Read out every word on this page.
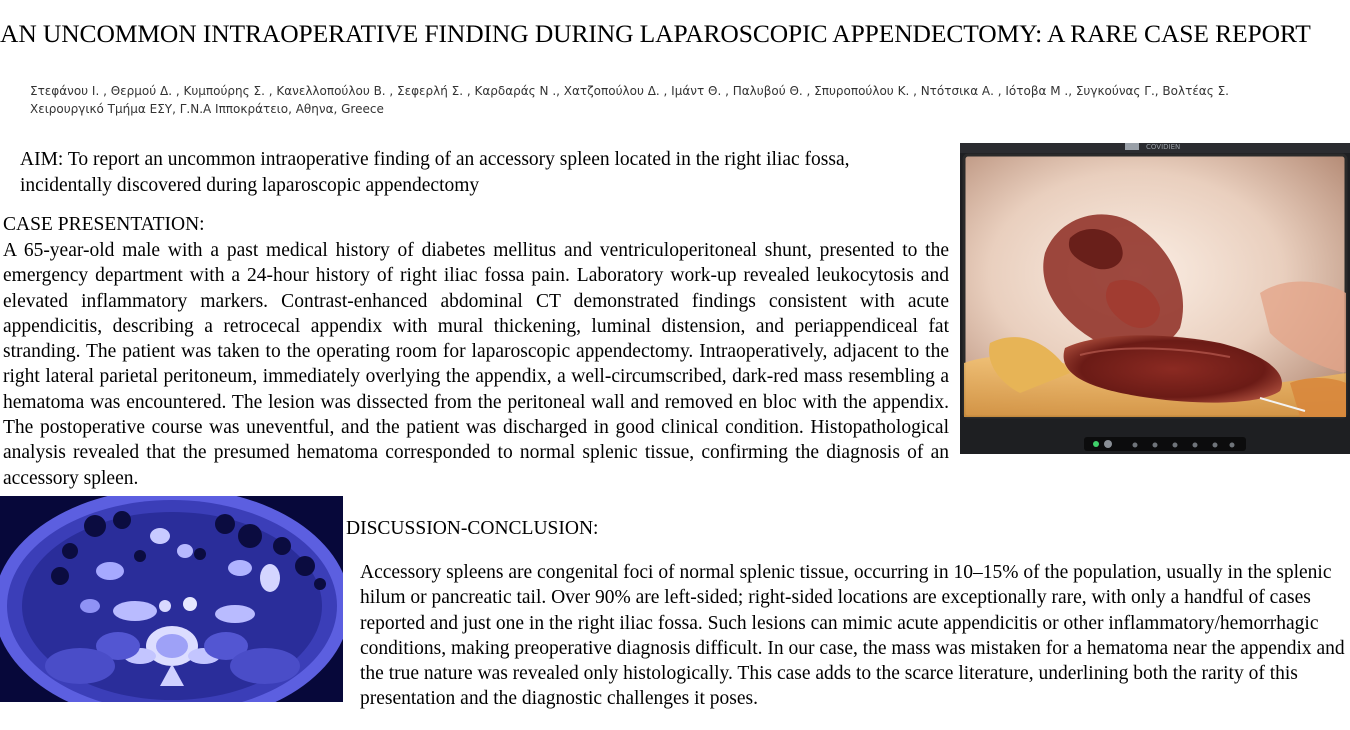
AN UNCOMMON INTRAOPERATIVE FINDING DURING LAPAROSCOPIC APPENDECTOMY: A RARE CASE REPORT
Στεφάνου Ι. , Θερμού Δ. , Κυμπούρης Σ. , Κανελλοπούλου Β. , Σεφερλή Σ. , Καρδαράς Ν ., Χατζοπούλου Δ. , Ιμάντ Θ. , Παλυβού Θ. , Σπυροπούλου Κ. , Ντότσικα Α. , Ιότοβα Μ ., Συγκούνας Γ., Βολτέας Σ.
Χειρουργικό Τμήμα ΕΣΥ, Γ.Ν.Α Ιπποκράτειο, Αθηνα, Greece
AIM: To report an uncommon intraoperative finding of an accessory spleen located in the right iliac fossa, incidentally discovered during laparoscopic appendectomy
CASE PRESENTATION:
A 65-year-old male with a past medical history of diabetes mellitus and ventriculoperitoneal shunt, presented to the emergency department with a 24-hour history of right iliac fossa pain. Laboratory work-up revealed leukocytosis and elevated inflammatory markers. Contrast-enhanced abdominal CT demonstrated findings consistent with acute appendicitis, describing a retrocecal appendix with mural thickening, luminal distension, and periappendiceal fat stranding. The patient was taken to the operating room for laparoscopic appendectomy. Intraoperatively, adjacent to the right lateral parietal peritoneum, immediately overlying the appendix, a well-circumscribed, dark-red mass resembling a hematoma was encountered. The lesion was dissected from the peritoneal wall and removed en bloc with the appendix. The postoperative course was uneventful, and the patient was discharged in good clinical condition. Histopathological analysis revealed that the presumed hematoma corresponded to normal splenic tissue, confirming the diagnosis of an accessory spleen.
COVIDIEN
DISCUSSION-CONCLUSION:
Accessory spleens are congenital foci of normal splenic tissue, occurring in 10–15% of the population, usually in the splenic hilum or pancreatic tail. Over 90% are left-sided; right-sided locations are exceptionally rare, with only a handful of cases reported and just one in the right iliac fossa. Such lesions can mimic acute appendicitis or other inflammatory/hemorrhagic conditions, making preoperative diagnosis difficult. In our case, the mass was mistaken for a hematoma near the appendix and the true nature was revealed only histologically. This case adds to the scarce literature, underlining both the rarity of this presentation and the diagnostic challenges it poses.
